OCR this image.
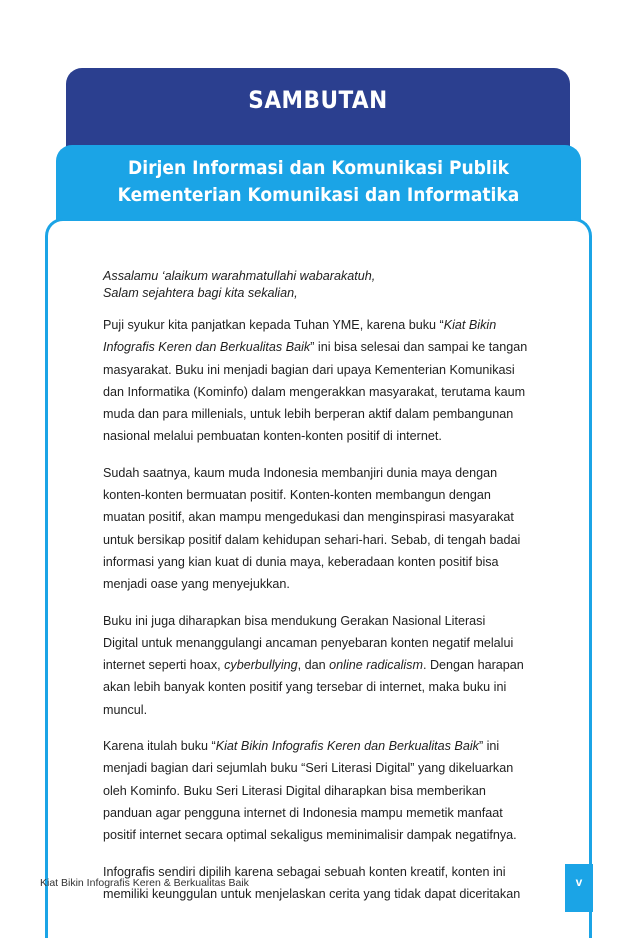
SAMBUTAN
Dirjen Informasi dan Komunikasi Publik
Kementerian Komunikasi dan Informatika
Assalamu ‘alaikum warahmatullahi wabarakatuh,
Salam sejahtera bagi kita sekalian,
Puji syukur kita panjatkan kepada Tuhan YME, karena buku “Kiat Bikin
Infografis Keren dan Berkualitas Baik” ini bisa selesai dan sampai ke tangan
masyarakat. Buku ini menjadi bagian dari upaya Kementerian Komunikasi
dan Informatika (Kominfo) dalam mengerakkan masyarakat, terutama kaum
muda dan para millenials, untuk lebih berperan aktif dalam pembangunan
nasional melalui pembuatan konten-konten positif di internet.
Sudah saatnya, kaum muda Indonesia membanjiri dunia maya dengan
konten-konten bermuatan positif. Konten-konten membangun dengan
muatan positif, akan mampu mengedukasi dan menginspirasi masyarakat
untuk bersikap positif dalam kehidupan sehari-hari. Sebab, di tengah badai
informasi yang kian kuat di dunia maya, keberadaan konten positif bisa
menjadi oase yang menyejukkan.
Buku ini juga diharapkan bisa mendukung Gerakan Nasional Literasi
Digital untuk menanggulangi ancaman penyebaran konten negatif melalui
internet seperti hoax, cyberbullying, dan online radicalism. Dengan harapan
akan lebih banyak konten positif yang tersebar di internet, maka buku ini
muncul.
Karena itulah buku “Kiat Bikin Infografis Keren dan Berkualitas Baik” ini
menjadi bagian dari sejumlah buku “Seri Literasi Digital” yang dikeluarkan
oleh Kominfo. Buku Seri Literasi Digital diharapkan bisa memberikan
panduan agar pengguna internet di Indonesia mampu memetik manfaat
positif internet secara optimal sekaligus meminimalisir dampak negatifnya.
Infografis sendiri dipilih karena sebagai sebuah konten kreatif, konten ini
memiliki keunggulan untuk menjelaskan cerita yang tidak dapat diceritakan
Kiat Bikin Infografis Keren & Berkualitas Baik	v
